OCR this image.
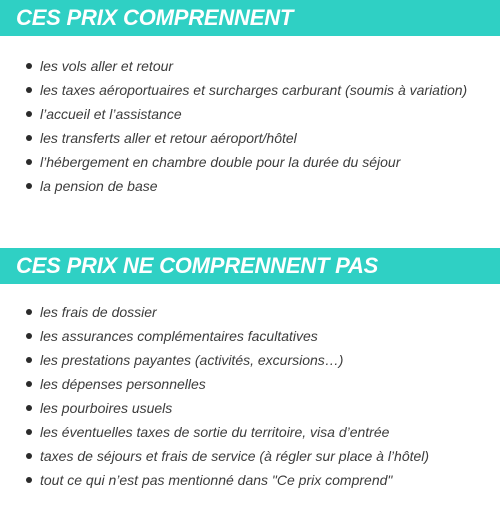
CES PRIX COMPRENNENT
les vols aller et retour
les taxes aéroportuaires et surcharges carburant (soumis à variation)
l’accueil et l’assistance
les transferts aller et retour aéroport/hôtel
l’hébergement en chambre double pour la durée du séjour
la pension de base
CES PRIX NE COMPRENNENT PAS
les frais de dossier
les assurances complémentaires facultatives
les prestations payantes (activités, excursions…)
les dépenses personnelles
les pourboires usuels
les éventuelles taxes de sortie du territoire, visa d’entrée
taxes de séjours et frais de service (à régler sur place à l’hôtel)
tout ce qui n’est pas mentionné dans "Ce prix comprend"
